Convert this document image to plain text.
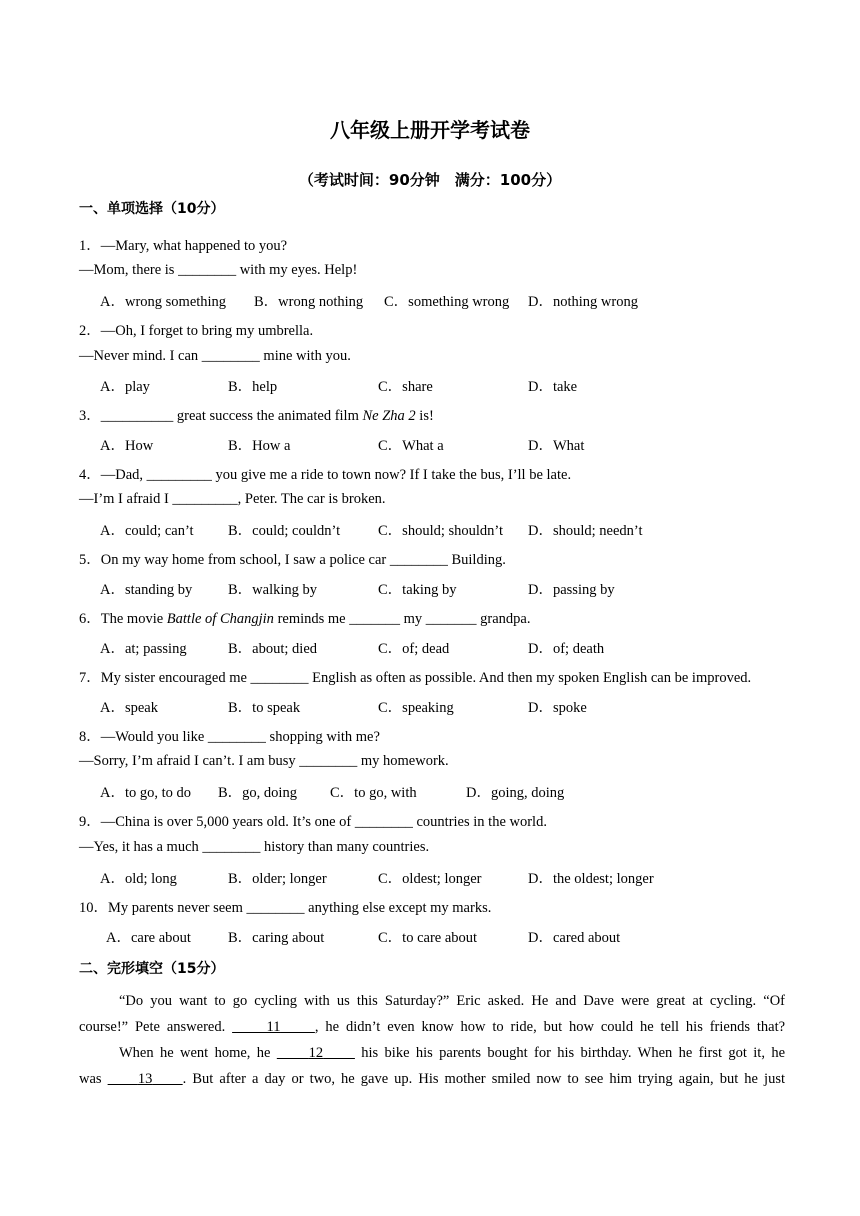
八年级上册开学考试卷
（考试时间：90分钟　满分：100分）
一、单项选择（10分）
1．—Mary, what happened to you?
—Mom, there is ________ with my eyes. Help!
A．wrong something B．wrong nothing C．something wrong D．nothing wrong
2．—Oh, I forget to bring my umbrella.
—Never mind. I can ________ mine with you.
A．play	B．help	C．share	D．take
3．__________ great success the animated film Ne Zha 2 is!
A．How	B．How a	C．What a	D．What
4．—Dad, _________ you give me a ride to town now? If I take the bus, I’ll be late.
—I’m I afraid I _________, Peter. The car is broken.
A．could; can’t B．could; couldn’t	C．should; shouldn’t D．should; needn’t
5．On my way home from school, I saw a police car ________ Building.
A．standing by B．walking by	C．taking by	D．passing by
6．The movie Battle of Changjin reminds me _______ my _______ grandpa.
A．at; passing	B．about; died	C．of; dead	D．of; death
7．My sister encouraged me ________ English as often as possible. And then my spoken English can be improved.
A．speak	B．to speak	C．speaking	D．spoke
8．—Would you like ________ shopping with me?
—Sorry, I’m afraid I can’t. I am busy ________ my homework.
A．to go, to do B．go, doing C．to go, with	D．going, doing
9．—China is over 5,000 years old. It’s one of ________ countries in the world.
—Yes, it has a much ________ history than many countries.
A．old; long	B．older; longer	C．oldest; longer	D．the oldest; longer
10．My parents never seem ________ anything else except my marks.
A．care about	B．caring about	C．to care about	D．cared about
二、完形填空（15分）
“Do you want to go cycling with us this Saturday?” Eric asked. He and Dave were great at cycling. “Of
course!” Pete answered.      11 , he didn’t even know how to ride, but how could he tell his friends that?
When he went home, he      12      his bike his parents bought for his birthday. When he first got it, he
was      13 . But after a day or two, he gave up. His mother smiled now to see him trying again, but he just
